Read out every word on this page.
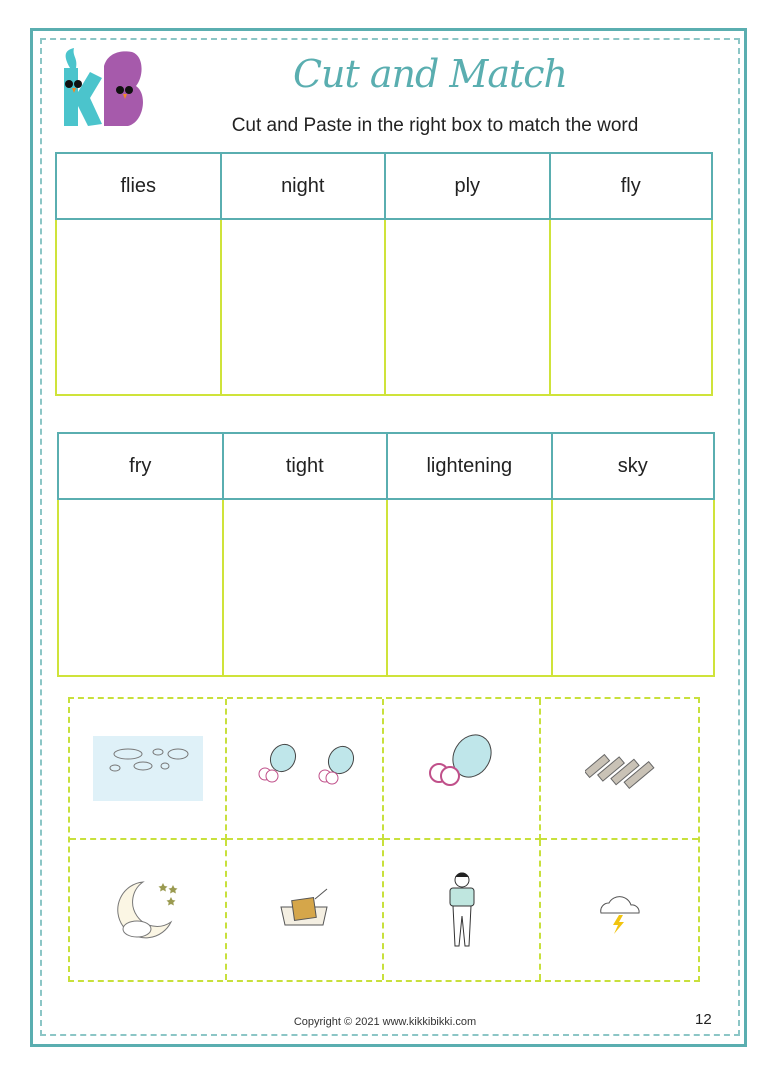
Cut and Match
Cut and Paste in the right box to match the word
flies	night	ply	fly
fry	tight	lightening	sky
Copyright © 2021 www.kikkibikki.com	12
